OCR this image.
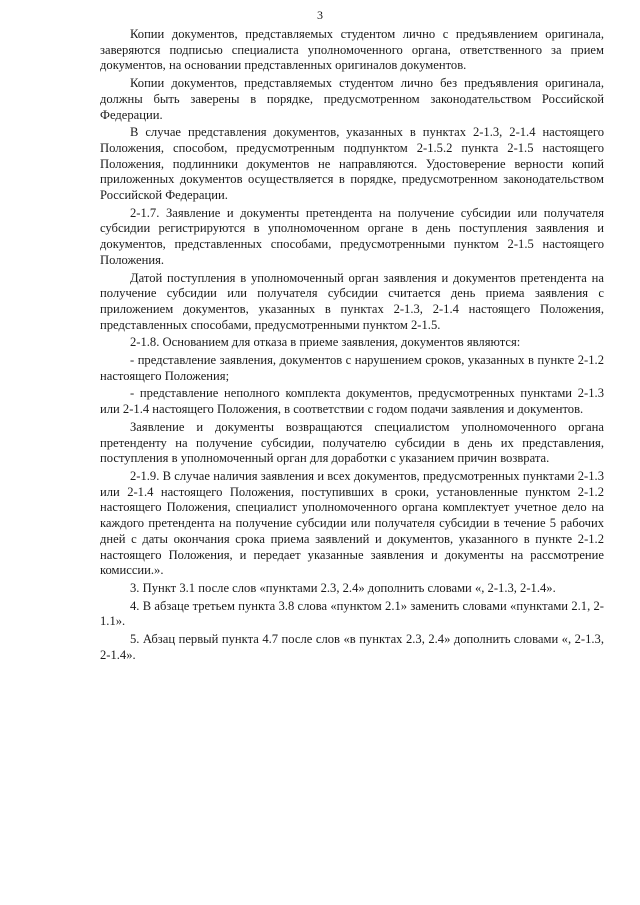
3

Копии документов, представляемых студентом лично с предъявлением оригинала, заверяются подписью специалиста уполномоченного органа, ответственного за прием документов, на основании представленных оригиналов документов.

Копии документов, представляемых студентом лично без предъявления оригинала, должны быть заверены в порядке, предусмотренном законодательством Российской Федерации.

В случае представления документов, указанных в пунктах 2-1.3, 2-1.4 настоящего Положения, способом, предусмотренным подпунктом 2-1.5.2 пункта 2-1.5 настоящего Положения, подлинники документов не направляются. Удостоверение верности копий приложенных документов осуществляется в порядке, предусмотренном законодательством Российской Федерации.

2-1.7. Заявление и документы претендента на получение субсидии или получателя субсидии регистрируются в уполномоченном органе в день поступления заявления и документов, представленных способами, предусмотренными пунктом 2-1.5 настоящего Положения.

Датой поступления в уполномоченный орган заявления и документов претендента на получение субсидии или получателя субсидии считается день приема заявления с приложением документов, указанных в пунктах 2-1.3, 2-1.4 настоящего Положения, представленных способами, предусмотренными пунктом 2-1.5.

2-1.8. Основанием для отказа в приеме заявления, документов являются:

- представление заявления, документов с нарушением сроков, указанных в пункте 2-1.2 настоящего Положения;

- представление неполного комплекта документов, предусмотренных пунктами 2-1.3 или 2-1.4 настоящего Положения, в соответствии с годом подачи заявления и документов.

Заявление и документы возвращаются специалистом уполномоченного органа претенденту на получение субсидии, получателю субсидии в день их представления, поступления в уполномоченный орган для доработки с указанием причин возврата.

2-1.9. В случае наличия заявления и всех документов, предусмотренных пунктами 2-1.3 или 2-1.4 настоящего Положения, поступивших в сроки, установленные пунктом 2-1.2 настоящего Положения, специалист уполномоченного органа комплектует учетное дело на каждого претендента на получение субсидии или получателя субсидии в течение 5 рабочих дней с даты окончания срока приема заявлений и документов, указанного в пункте 2-1.2 настоящего Положения, и передает указанные заявления и документы на рассмотрение комиссии.».

3. Пункт 3.1 после слов «пунктами 2.3, 2.4» дополнить словами «, 2-1.3, 2-1.4».

4. В абзаце третьем пункта 3.8 слова «пунктом 2.1» заменить словами «пунктами 2.1, 2-1.1».

5. Абзац первый пункта 4.7 после слов «в пунктах 2.3, 2.4» дополнить словами «, 2-1.3, 2-1.4».
